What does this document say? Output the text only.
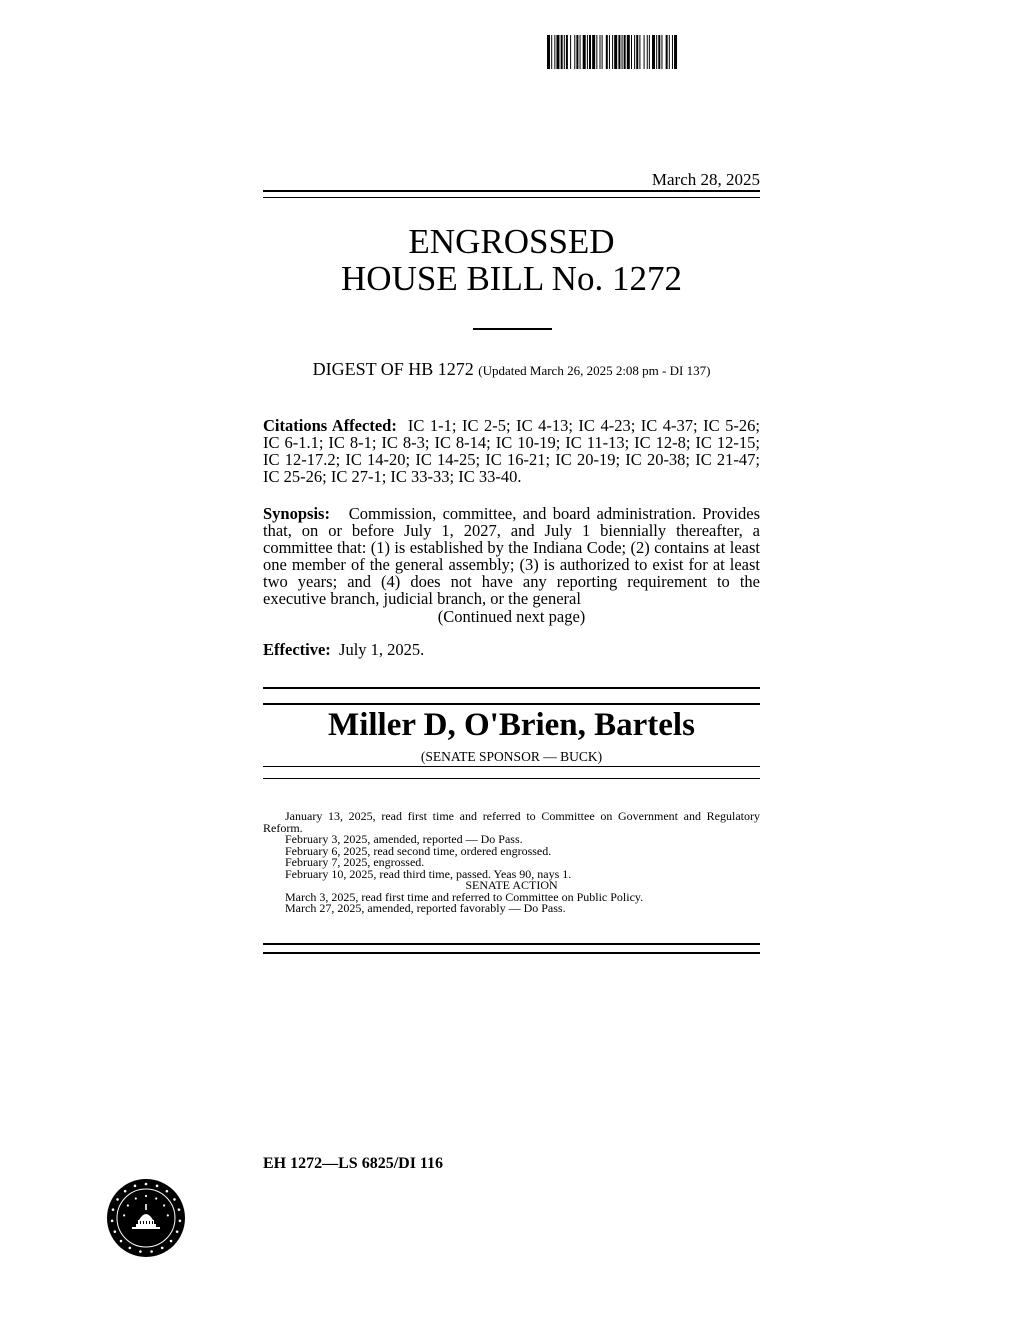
March 28, 2025
ENGROSSED
HOUSE BILL No. 1272
DIGEST OF HB 1272 (Updated March 26, 2025 2:08 pm - DI 137)
Citations Affected: IC 1-1; IC 2-5; IC 4-13; IC 4-23; IC 4-37; IC 5-26; IC 6-1.1; IC 8-1; IC 8-3; IC 8-14; IC 10-19; IC 11-13; IC 12-8; IC 12-15; IC 12-17.2; IC 14-20; IC 14-25; IC 16-21; IC 20-19; IC 20-38; IC 21-47; IC 25-26; IC 27-1; IC 33-33; IC 33-40.
Synopsis: Commission, committee, and board administration. Provides that, on or before July 1, 2027, and July 1 biennially thereafter, a committee that: (1) is established by the Indiana Code; (2) contains at least one member of the general assembly; (3) is authorized to exist for at least two years; and (4) does not have any reporting requirement to the executive branch, judicial branch, or the general
(Continued next page)
Effective: July 1, 2025.
Miller D, O'Brien, Bartels
(SENATE SPONSOR — BUCK)
January 13, 2025, read first time and referred to Committee on Government and Regulatory Reform.
February 3, 2025, amended, reported — Do Pass.
February 6, 2025, read second time, ordered engrossed.
February 7, 2025, engrossed.
February 10, 2025, read third time, passed. Yeas 90, nays 1.
SENATE ACTION
March 3, 2025, read first time and referred to Committee on Public Policy.
March 27, 2025, amended, reported favorably — Do Pass.
EH 1272—LS 6825/DI 116
